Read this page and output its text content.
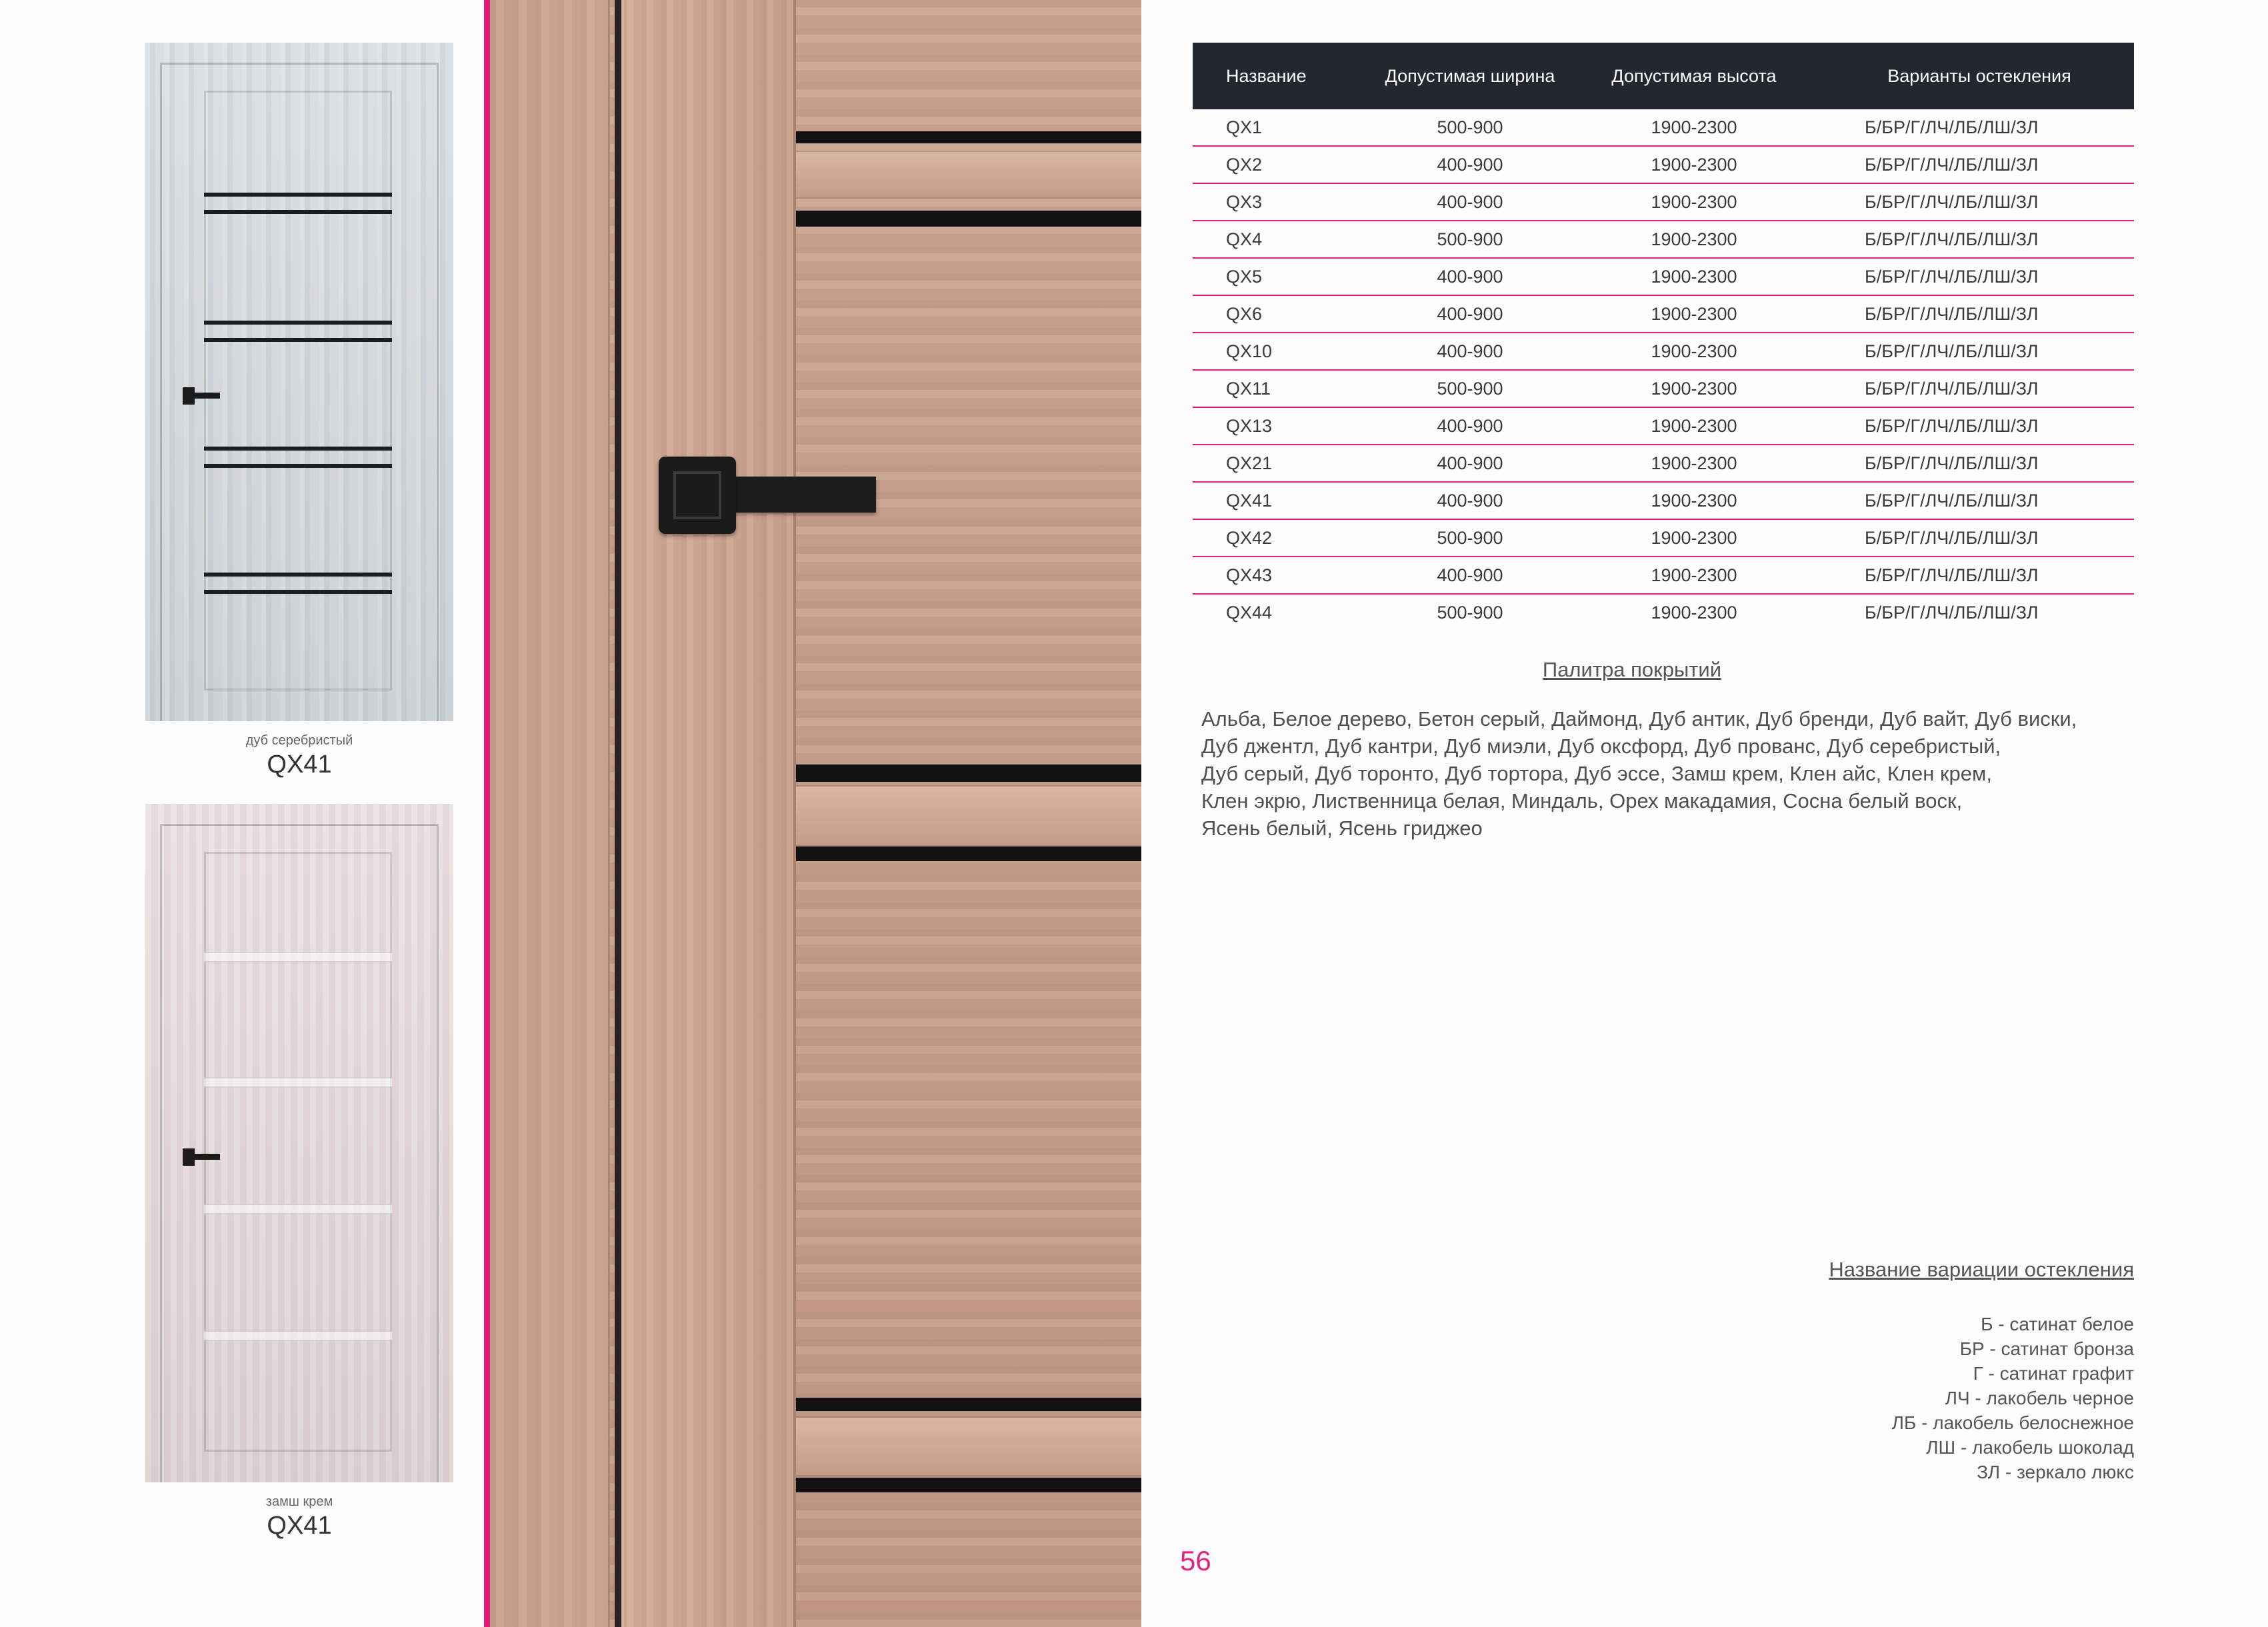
дуб серебристый
QX41
замш крем
QX41
Название	Допустимая ширина	Допустимая высота	Варианты остекления
QX1	500-900	1900-2300	Б/БР/Г/ЛЧ/ЛБ/ЛШ/ЗЛ
QX2	400-900	1900-2300	Б/БР/Г/ЛЧ/ЛБ/ЛШ/ЗЛ
QX3	400-900	1900-2300	Б/БР/Г/ЛЧ/ЛБ/ЛШ/ЗЛ
QX4	500-900	1900-2300	Б/БР/Г/ЛЧ/ЛБ/ЛШ/ЗЛ
QX5	400-900	1900-2300	Б/БР/Г/ЛЧ/ЛБ/ЛШ/ЗЛ
QX6	400-900	1900-2300	Б/БР/Г/ЛЧ/ЛБ/ЛШ/ЗЛ
QX10	400-900	1900-2300	Б/БР/Г/ЛЧ/ЛБ/ЛШ/ЗЛ
QX11	500-900	1900-2300	Б/БР/Г/ЛЧ/ЛБ/ЛШ/ЗЛ
QX13	400-900	1900-2300	Б/БР/Г/ЛЧ/ЛБ/ЛШ/ЗЛ
QX21	400-900	1900-2300	Б/БР/Г/ЛЧ/ЛБ/ЛШ/ЗЛ
QX41	400-900	1900-2300	Б/БР/Г/ЛЧ/ЛБ/ЛШ/ЗЛ
QX42	500-900	1900-2300	Б/БР/Г/ЛЧ/ЛБ/ЛШ/ЗЛ
QX43	400-900	1900-2300	Б/БР/Г/ЛЧ/ЛБ/ЛШ/ЗЛ
QX44	500-900	1900-2300	Б/БР/Г/ЛЧ/ЛБ/ЛШ/ЗЛ
Палитра покрытий
Альба, Белое дерево, Бетон серый, Даймонд, Дуб антик, Дуб бренди, Дуб вайт, Дуб виски,
Дуб джентл, Дуб кантри, Дуб миэли, Дуб оксфорд, Дуб прованс, Дуб серебристый,
Дуб серый, Дуб торонто, Дуб тортора, Дуб эссе, Замш крем, Клен айс, Клен крем,
Клен экрю, Лиственница белая, Миндаль, Орех макадамия, Сосна белый воск,
Ясень белый, Ясень гриджео
Название вариации остекления
Б - сатинат белое
БР - сатинат бронза
Г - сатинат графит
ЛЧ - лакобель черное
ЛБ - лакобель белоснежное
ЛШ - лакобель шоколад
ЗЛ - зеркало люкс
56
